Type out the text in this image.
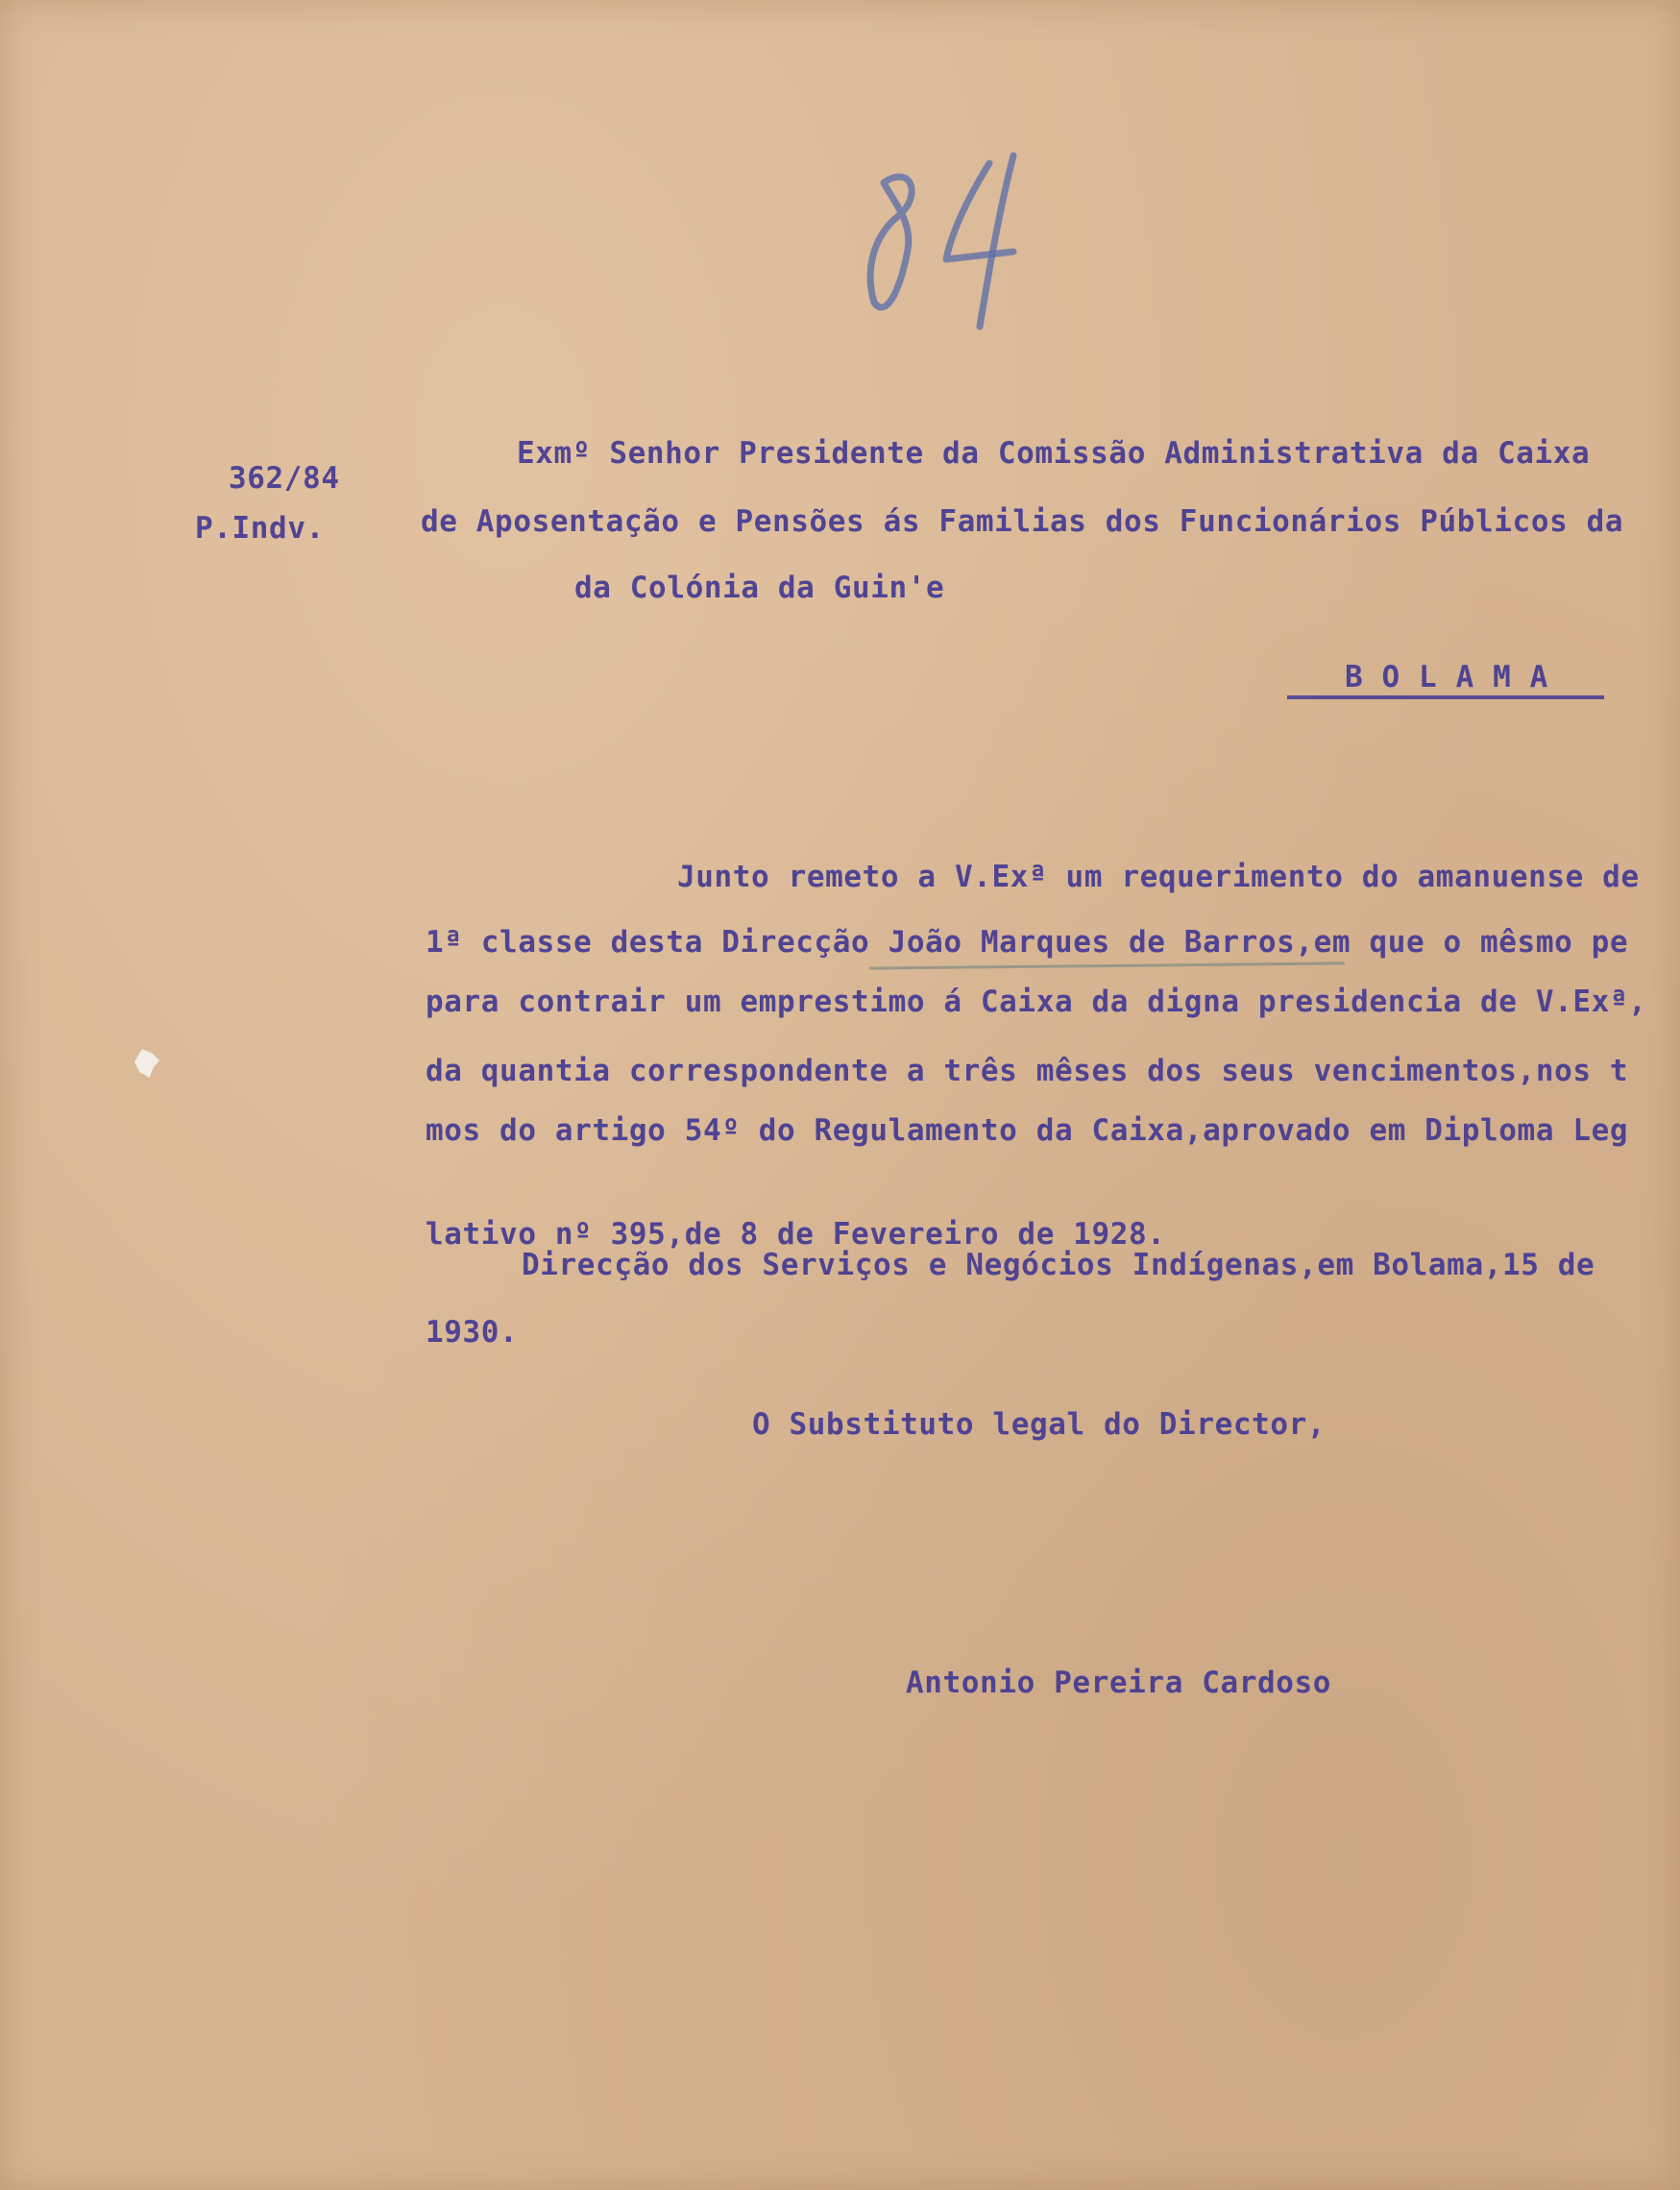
362/84
P.Indv.
Exmº Senhor Presidente da Comissão Administrativa da Caixa
de Aposentação e Pensões ás Familias dos Funcionários Públicos da
da Colónia da Guin'e
B O L A M A
Junto remeto a V.Exª um requerimento do amanuense de
1ª classe desta Direcção João Marques de Barros,em que o mêsmo pe
para contrair um emprestimo á Caixa da digna presidencia de V.Exª,
da quantia correspondente a três mêses dos seus vencimentos,nos t
mos do artigo 54º do Regulamento da Caixa,aprovado em Diploma Leg
lativo nº 395,de 8 de Fevereiro de 1928.
Direcção dos Serviços e Negócios Indígenas,em Bolama,15 de
1930.
O Substituto legal do Director,
Antonio Pereira Cardoso
